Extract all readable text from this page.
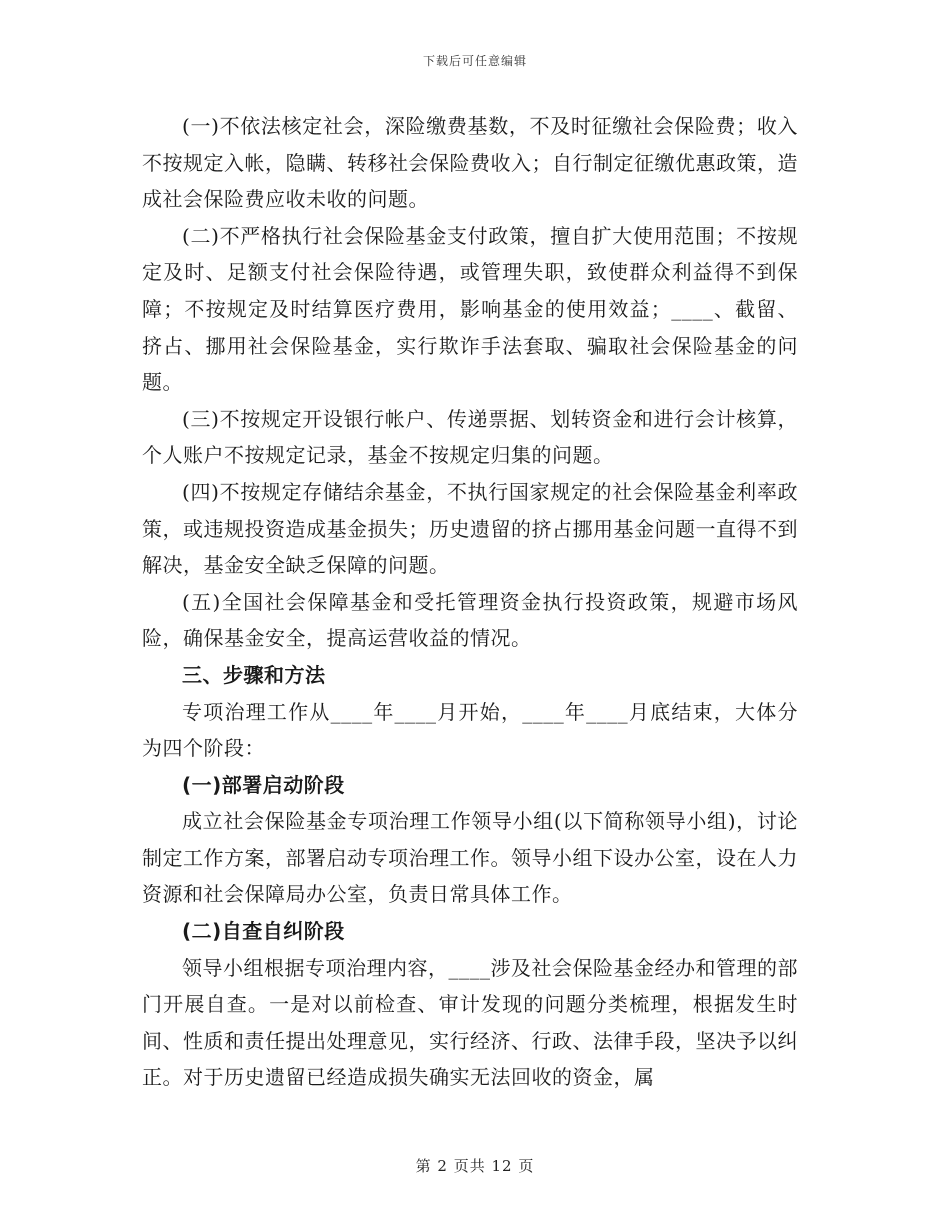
下载后可任意编辑

(一)不依法核定社会，深险缴费基数，不及时征缴社会保险费；收入不按规定入帐，隐瞒、转移社会保险费收入；自行制定征缴优惠政策，造成社会保险费应收未收的问题。

(二)不严格执行社会保险基金支付政策，擅自扩大使用范围；不按规定及时、足额支付社会保险待遇，或管理失职，致使群众利益得不到保障；不按规定及时结算医疗费用，影响基金的使用效益；____、截留、挤占、挪用社会保险基金，实行欺诈手法套取、骗取社会保险基金的问题。

(三)不按规定开设银行帐户、传递票据、划转资金和进行会计核算，个人账户不按规定记录，基金不按规定归集的问题。

(四)不按规定存储结余基金，不执行国家规定的社会保险基金利率政策，或违规投资造成基金损失；历史遗留的挤占挪用基金问题一直得不到解决，基金安全缺乏保障的问题。

(五)全国社会保障基金和受托管理资金执行投资政策，规避市场风险，确保基金安全，提高运营收益的情况。

三、步骤和方法

专项治理工作从____年____月开始，____年____月底结束，大体分为四个阶段：

(一)部署启动阶段

成立社会保险基金专项治理工作领导小组(以下简称领导小组)，讨论制定工作方案，部署启动专项治理工作。领导小组下设办公室，设在人力资源和社会保障局办公室，负责日常具体工作。

(二)自查自纠阶段

领导小组根据专项治理内容，____涉及社会保险基金经办和管理的部门开展自查。一是对以前检查、审计发现的问题分类梳理，根据发生时间、性质和责任提出处理意见，实行经济、行政、法律手段，坚决予以纠正。对于历史遗留已经造成损失确实无法回收的资金，属

第 2 页共 12 页
